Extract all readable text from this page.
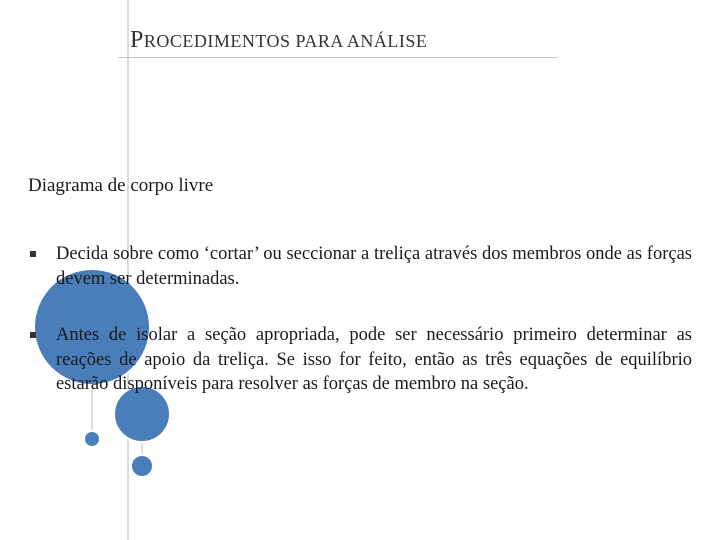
PROCEDIMENTOS PARA ANÁLISE
Diagrama de corpo livre
Decida sobre como ‘cortar’ ou seccionar a treliça através dos membros onde as forças devem ser determinadas.
Antes de isolar a seção apropriada, pode ser necessário primeiro determinar as reações de apoio da treliça. Se isso for feito, então as três equações de equilíbrio estarão disponíveis para resolver as forças de membro na seção.
